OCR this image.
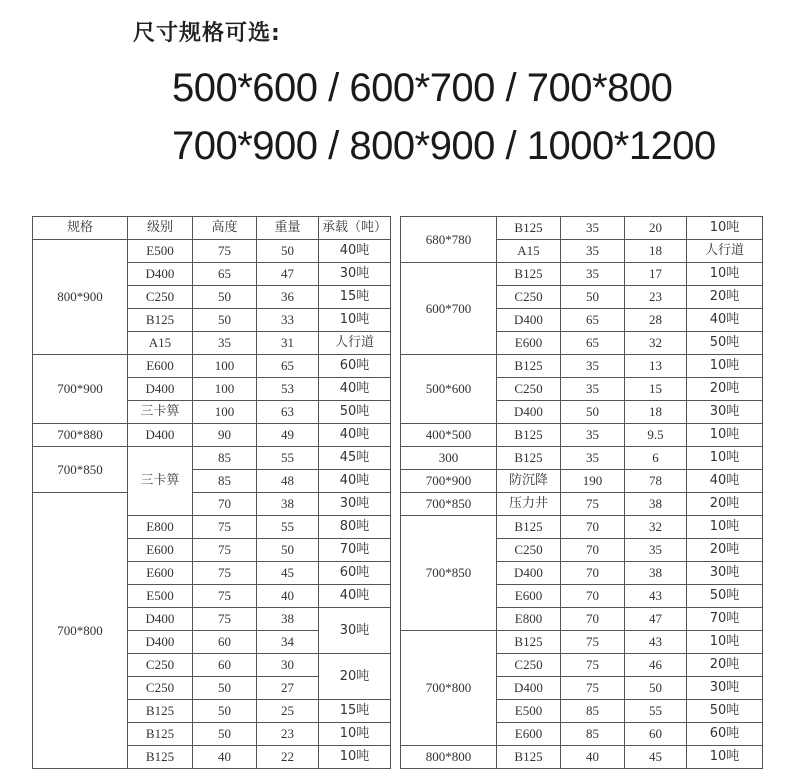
尺寸规格可选:
500*600 / 600*700 / 700*800
700*900 / 800*900 / 1000*1200
规格	级别	高度	重量	承载（吨）
800*900	E500	75	50	40吨
	D400	65	47	30吨
	C250	50	36	15吨
	B125	50	33	10吨
	A15	35	31	人行道
700*900	E600	100	65	60吨
	D400	100	53	40吨
	三卡箅	100	63	50吨
700*880	D400	90	49	40吨
700*850	三卡箅	85	55	45吨
		85	48	40吨
700*800		70	38	30吨
	E800	75	55	80吨
	E600	75	50	70吨
	E600	75	45	60吨
	E500	75	40	40吨
	D400	75	38	30吨
	D400	60	34	
	C250	60	30	20吨
	C250	50	27	
	B125	50	25	15吨
	B125	50	23	10吨
	B125	40	22	10吨
680*780	B125	35	20	10吨
	A15	35	18	人行道
600*700	B125	35	17	10吨
	C250	50	23	20吨
	D400	65	28	40吨
	E600	65	32	50吨
500*600	B125	35	13	10吨
	C250	35	15	20吨
	D400	50	18	30吨
400*500	B125	35	9.5	10吨
300	B125	35	6	10吨
700*900	防沉降	190	78	40吨
700*850	压力井	75	38	20吨
700*850	B125	70	32	10吨
	C250	70	35	20吨
	D400	70	38	30吨
	E600	70	43	50吨
	E800	70	47	70吨
700*800	B125	75	43	10吨
	C250	75	46	20吨
	D400	75	50	30吨
	E500	85	55	50吨
	E600	85	60	60吨
800*800	B125	40	45	10吨
